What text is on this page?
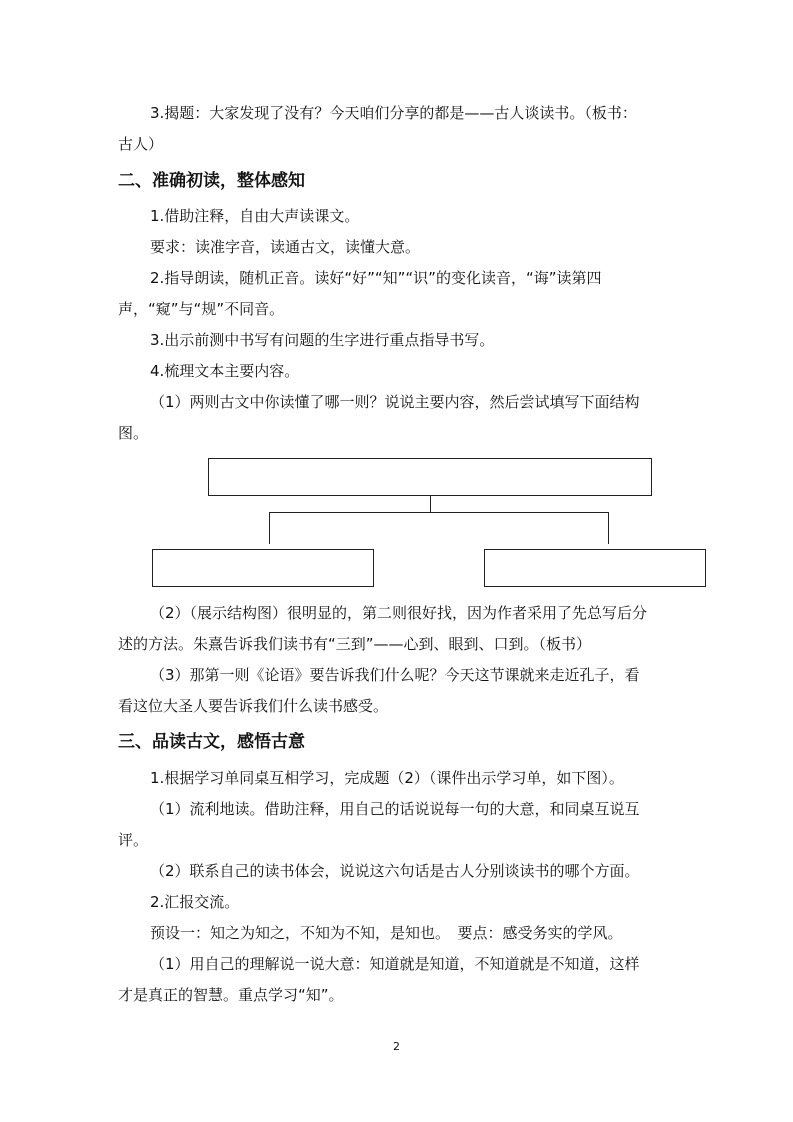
3.揭题：大家发现了没有？今天咱们分享的都是——古人谈读书。（板书：
古人）
二、准确初读，整体感知
1.借助注释，自由大声读课文。
要求：读准字音，读通古文，读懂大意。
2.指导朗读，随机正音。读好“好”“知”“识”的变化读音，“诲”读第四
声，“窥”与“规”不同音。
3.出示前测中书写有问题的生字进行重点指导书写。
4.梳理文本主要内容。
（1）两则古文中你读懂了哪一则？说说主要内容，然后尝试填写下面结构
图。
（2）（展示结构图）很明显的，第二则很好找，因为作者采用了先总写后分
述的方法。朱熹告诉我们读书有“三到”——心到、眼到、口到。（板书）
（3）那第一则《论语》要告诉我们什么呢？今天这节课就来走近孔子，看
看这位大圣人要告诉我们什么读书感受。
三、品读古文，感悟古意
1.根据学习单同桌互相学习，完成题（2）（课件出示学习单，如下图）。
（1）流利地读。借助注释，用自己的话说说每一句的大意，和同桌互说互
评。
（2）联系自己的读书体会，说说这六句话是古人分别谈读书的哪个方面。
2.汇报交流。
预设一：知之为知之，不知为不知，是知也。　要点：感受务实的学风。
（1）用自己的理解说一说大意：知道就是知道，不知道就是不知道，这样
才是真正的智慧。重点学习“知”。
2
